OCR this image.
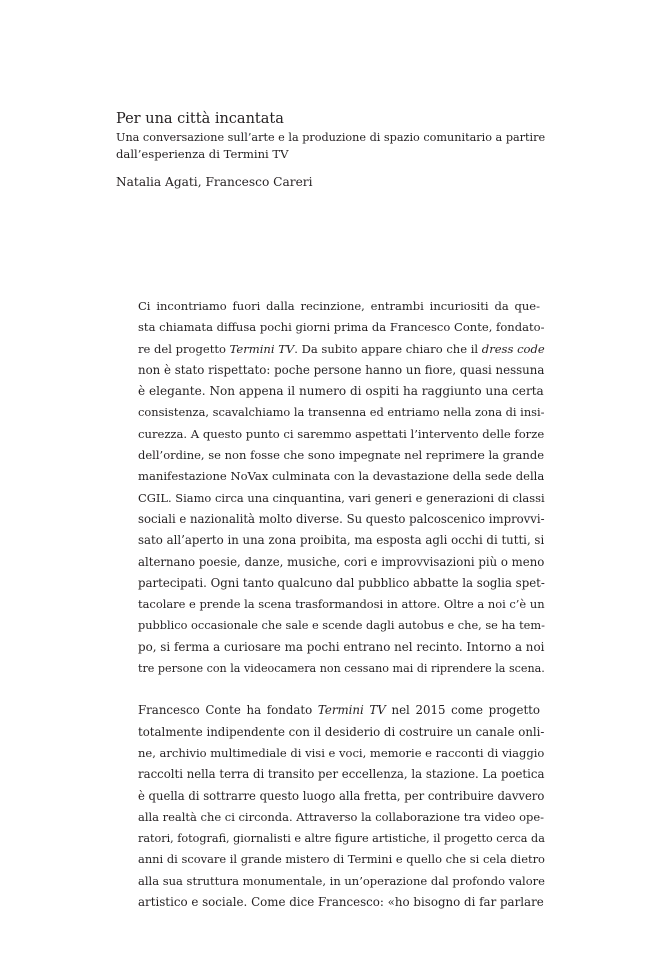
Per una città incantata

Una conversazione sull’arte e la produzione di spazio comunitario a partire
dall’esperienza di Termini TV

Natalia Agati, Francesco Careri

Ci incontriamo fuori dalla recinzione, entrambi incuriositi da que-
sta chiamata diffusa pochi giorni prima da Francesco Conte, fondato-
re del progetto Termini TV. Da subito appare chiaro che il dress code
non è stato rispettato: poche persone hanno un fiore, quasi nessuna
è elegante. Non appena il numero di ospiti ha raggiunto una certa
consistenza, scavalchiamo la transenna ed entriamo nella zona di insi-
curezza. A questo punto ci saremmo aspettati l’intervento delle forze
dell’ordine, se non fosse che sono impegnate nel reprimere la grande
manifestazione NoVax culminata con la devastazione della sede della
CGIL. Siamo circa una cinquantina, vari generi e generazioni di classi
sociali e nazionalità molto diverse. Su questo palcoscenico improvvi-
sato all’aperto in una zona proibita, ma esposta agli occhi di tutti, si
alternano poesie, danze, musiche, cori e improvvisazioni più o meno
partecipati. Ogni tanto qualcuno dal pubblico abbatte la soglia spet-
tacolare e prende la scena trasformandosi in attore. Oltre a noi c’è un
pubblico occasionale che sale e scende dagli autobus e che, se ha tem-
po, si ferma a curiosare ma pochi entrano nel recinto. Intorno a noi
tre persone con la videocamera non cessano mai di riprendere la scena.

Francesco Conte ha fondato Termini TV nel 2015 come progetto
totalmente indipendente con il desiderio di costruire un canale onli-
ne, archivio multimediale di visi e voci, memorie e racconti di viaggio
raccolti nella terra di transito per eccellenza, la stazione. La poetica
è quella di sottrarre questo luogo alla fretta, per contribuire davvero
alla realtà che ci circonda. Attraverso la collaborazione tra video ope-
ratori, fotografi, giornalisti e altre figure artistiche, il progetto cerca da
anni di scovare il grande mistero di Termini e quello che si cela dietro
alla sua struttura monumentale, in un’operazione dal profondo valore
artistico e sociale. Come dice Francesco: «ho bisogno di far parlare
